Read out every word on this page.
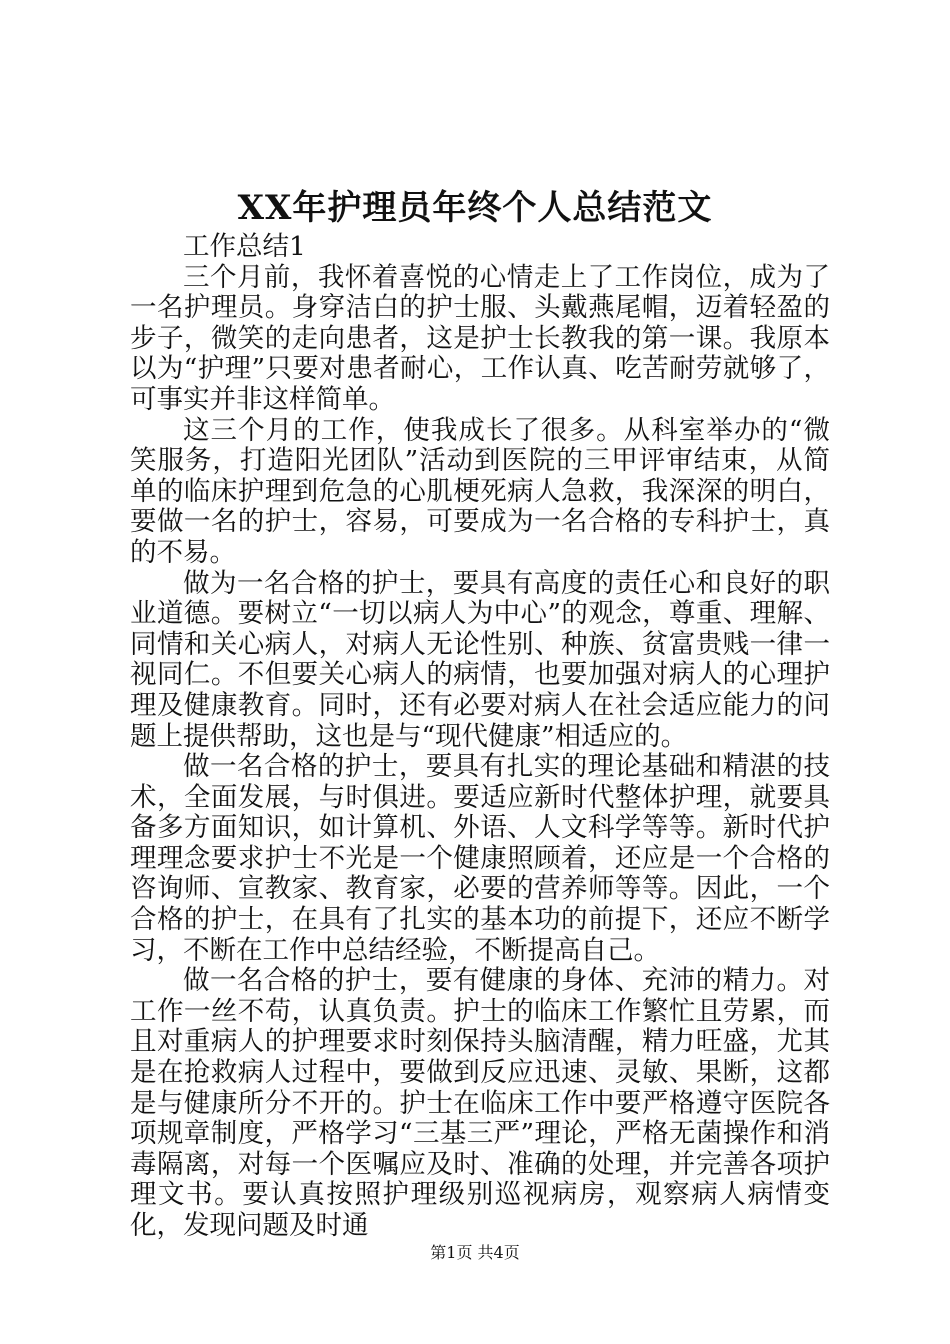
XX年护理员年终个人总结范文

工作总结1

三个月前，我怀着喜悦的心情走上了工作岗位，成为了一名护理员。身穿洁白的护士服、头戴燕尾帽，迈着轻盈的步子，微笑的走向患者，这是护士长教我的第一课。我原本以为“护理”只要对患者耐心，工作认真、吃苦耐劳就够了，可事实并非这样简单。

这三个月的工作，使我成长了很多。从科室举办的“微笑服务，打造阳光团队”活动到医院的三甲评审结束，从简单的临床护理到危急的心肌梗死病人急救，我深深的明白，要做一名的护士，容易，可要成为一名合格的专科护士，真的不易。

做为一名合格的护士，要具有高度的责任心和良好的职业道德。要树立“一切以病人为中心”的观念，尊重、理解、同情和关心病人，对病人无论性别、种族、贫富贵贱一律一视同仁。不但要关心病人的病情，也要加强对病人的心理护理及健康教育。同时，还有必要对病人在社会适应能力的问题上提供帮助，这也是与“现代健康”相适应的。

做一名合格的护士，要具有扎实的理论基础和精湛的技术，全面发展，与时俱进。要适应新时代整体护理，就要具备多方面知识，如计算机、外语、人文科学等等。新时代护理理念要求护士不光是一个健康照顾着，还应是一个合格的咨询师、宣教家、教育家，必要的营养师等等。因此，一个合格的护士，在具有了扎实的基本功的前提下，还应不断学习，不断在工作中总结经验，不断提高自己。

做一名合格的护士，要有健康的身体、充沛的精力。对工作一丝不苟，认真负责。护士的临床工作繁忙且劳累，而且对重病人的护理要求时刻保持头脑清醒，精力旺盛，尤其是在抢救病人过程中，要做到反应迅速、灵敏、果断，这都是与健康所分不开的。护士在临床工作中要严格遵守医院各项规章制度，严格学习“三基三严”理论，严格无菌操作和消毒隔离，对每一个医嘱应及时、准确的处理，并完善各项护理文书。要认真按照护理级别巡视病房，观察病人病情变化，发现问题及时通

第1页 共4页
